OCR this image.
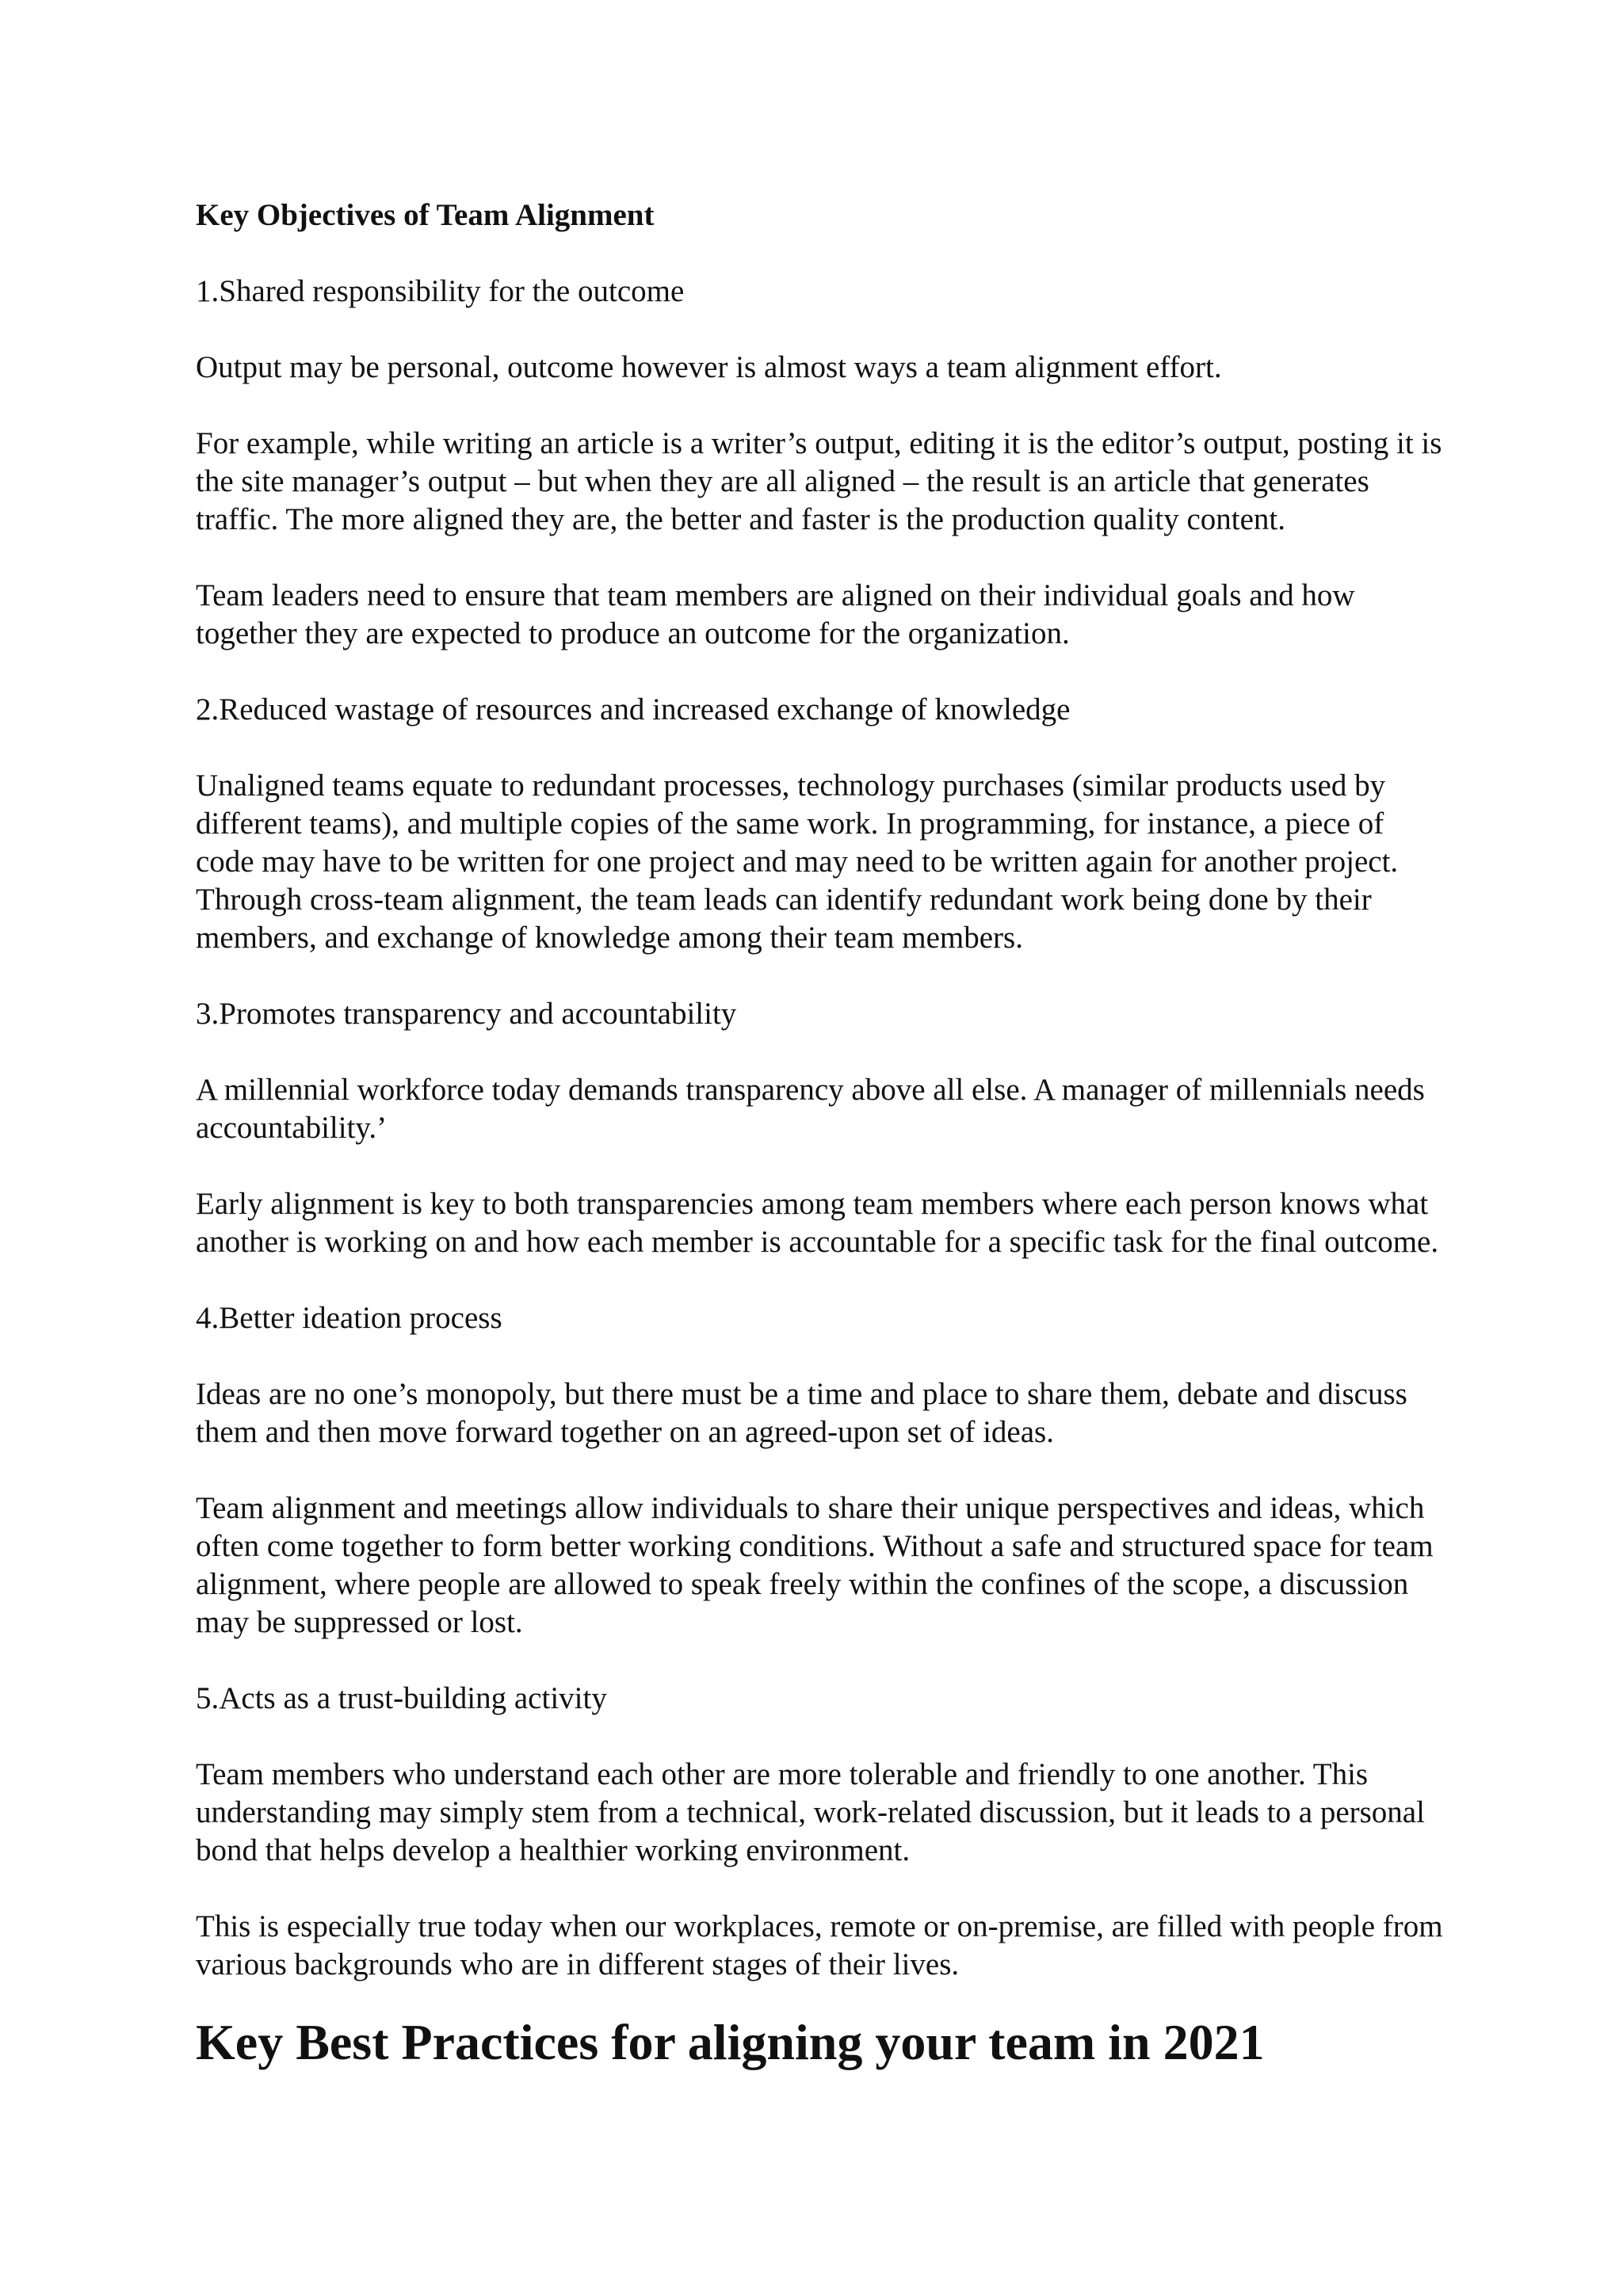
Key Objectives of Team Alignment

1.Shared responsibility for the outcome

Output may be personal, outcome however is almost ways a team alignment effort.

For example, while writing an article is a writer’s output, editing it is the editor’s output, posting it is the site manager’s output – but when they are all aligned – the result is an article that generates traffic. The more aligned they are, the better and faster is the production quality content.

Team leaders need to ensure that team members are aligned on their individual goals and how together they are expected to produce an outcome for the organization.

2.Reduced wastage of resources and increased exchange of knowledge

Unaligned teams equate to redundant processes, technology purchases (similar products used by different teams), and multiple copies of the same work. In programming, for instance, a piece of code may have to be written for one project and may need to be written again for another project. Through cross-team alignment, the team leads can identify redundant work being done by their members, and exchange of knowledge among their team members.

3.Promotes transparency and accountability

A millennial workforce today demands transparency above all else. A manager of millennials needs accountability.’

Early alignment is key to both transparencies among team members where each person knows what another is working on and how each member is accountable for a specific task for the final outcome.

4.Better ideation process

Ideas are no one’s monopoly, but there must be a time and place to share them, debate and discuss them and then move forward together on an agreed-upon set of ideas.

Team alignment and meetings allow individuals to share their unique perspectives and ideas, which often come together to form better working conditions. Without a safe and structured space for team alignment, where people are allowed to speak freely within the confines of the scope, a discussion may be suppressed or lost.

5.Acts as a trust-building activity

Team members who understand each other are more tolerable and friendly to one another. This understanding may simply stem from a technical, work-related discussion, but it leads to a personal bond that helps develop a healthier working environment.

This is especially true today when our workplaces, remote or on-premise, are filled with people from various backgrounds who are in different stages of their lives.

Key Best Practices for aligning your team in 2021
